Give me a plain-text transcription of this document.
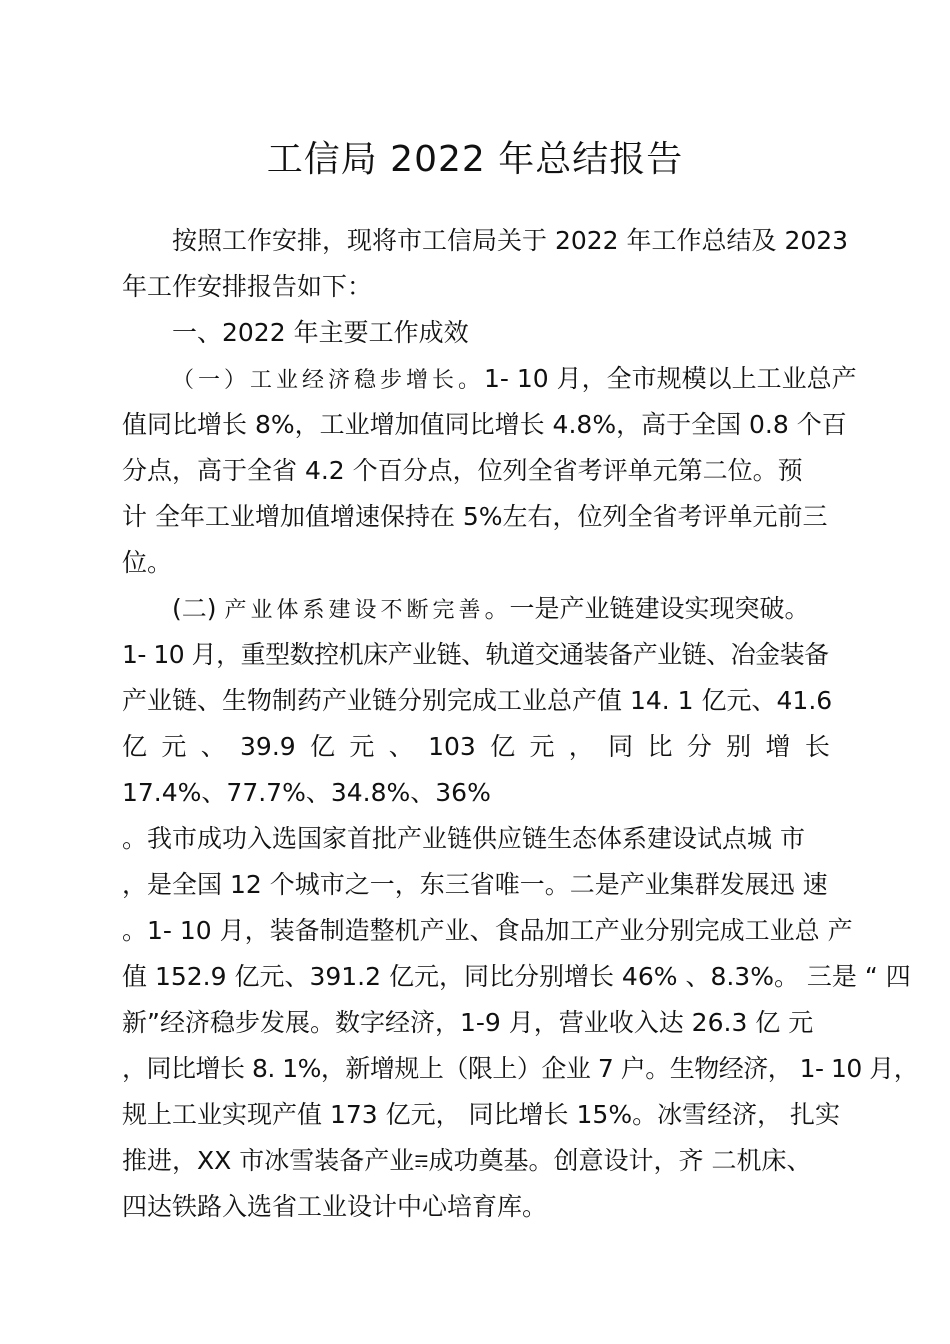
工信局 2022 年总结报告
按照工作安排，现将市工信局关于 2022 年工作总结及 2023
年工作安排报告如下：
一、2022 年主要工作成效
（一）工业经济稳步增长。1- 10 月，全市规模以上工业总产
值同比增长 8%，工业增加值同比增长 4.8%，高于全国 0.8 个百
分点，高于全省 4.2 个百分点，位列全省考评单元第二位。预
计 全年工业增加值增速保持在 5%左右，位列全省考评单元前三
位。
(二) 产业体系建设不断完善。一是产业链建设实现突破。
1- 10 月，重型数控机床产业链、轨道交通装备产业链、冶金装备
产业链、生物制药产业链分别完成工业总产值 14. 1 亿元、41.6
亿 元 、 39.9 亿 元 、 103 亿 元 ， 同 比 分 别 增 长
17.4%、77.7%、34.8%、36%
。我市成功入选国家首批产业链供应链生态体系建设试点城 市
，是全国 12 个城市之一，东三省唯一。二是产业集群发展迅 速
。1- 10 月，装备制造整机产业、食品加工产业分别完成工业总 产
值 152.9 亿元、391.2 亿元，同比分别增长 46% 、8.3%。 三是 “ 四
新”经济稳步发展。数字经济，1-9 月，营业收入达 26.3 亿 元
，同比增长 8. 1%，新增规上（限上）企业 7 户。生物经济， 1- 10 月，
规上工业实现产值 173 亿元， 同比增长 15%。冰雪经济， 扎实
推进，XX 市冰雪装备产业☴成功奠基。创意设计，齐 二机床、
四达铁路入选省工业设计中心培育库。
